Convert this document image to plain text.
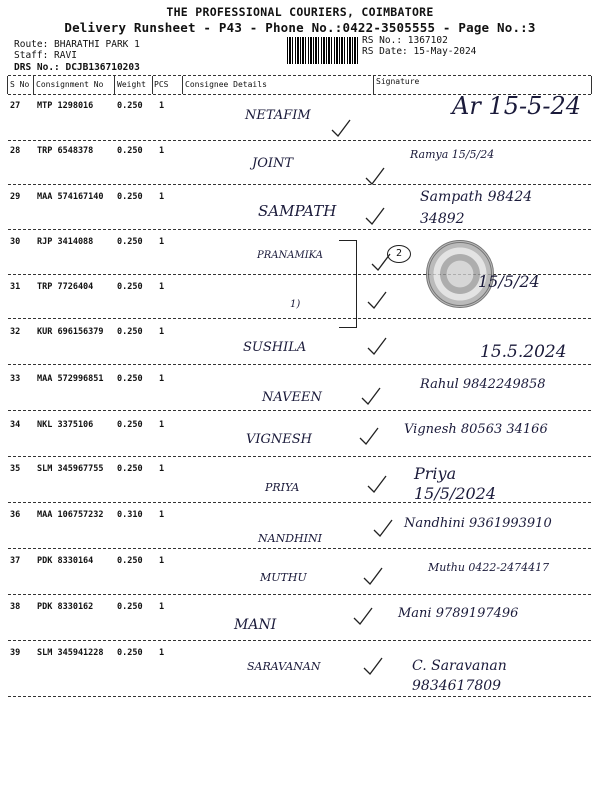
THE PROFESSIONAL COURIERS, COIMBATORE
Delivery Runsheet - P43 - Phone No.:0422-3505555 - Page No.:3
Route: BHARATHI PARK 1
Staff: RAVI
DRS No.: DCJB136710203
RS No.: 1367102
RS Date: 15-May-2024
S No Consignment No Weight PCS Consignee Details	Signature
27 MTP 1298016	0.250 1
NETAFIM	Ar 15-5-24
28 TRP 6548378	0.250 1
JOINT
Ramya 15/5/24
29 MAA 574167140 0.250 1
SAMPATH
Sampath 98424 34892
30 RJP 3414088	0.250 1
PRANAMIKA	2
31 TRP 7726404	0.250 1
1)
15/5/24
32 KUR 696156379 0.250 1
SUSHILA	15.5.2024
33 MAA 572996851 0.250 1
NAVEEN
Rahul 9842249858
34 NKL 3375106	0.250 1
VIGNESH
Vignesh 80563 34166
35 SLM 345967755 0.250 1
PRIYA
Priya 15/5/2024
36 MAA 106757232 0.310 1
NANDHINI
Nandhini 9361993910
37 PDK 8330164	0.250 1
MUTHU
Muthu 0422-2474417
38 PDK 8330162	0.250 1
MANI
Mani 9789197496
39 SLM 345941228 0.250 1
SARAVANAN	C. Saravanan 9834617809
